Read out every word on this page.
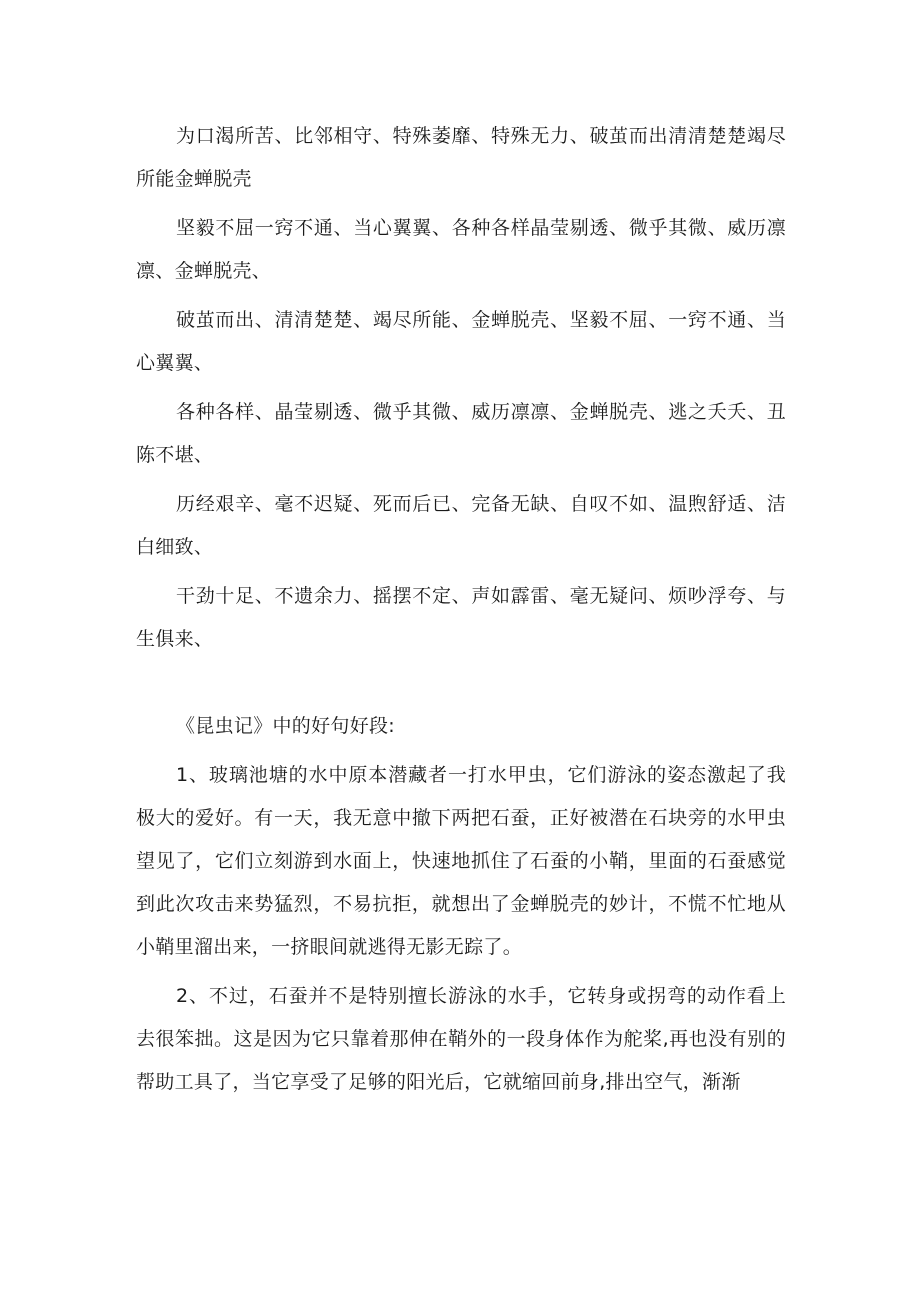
为口渴所苦、比邻相守、特殊萎靡、特殊无力、破茧而出清清楚楚竭尽所能金蝉脱壳

坚毅不屈一窍不通、当心翼翼、各种各样晶莹剔透、微乎其微、威历凛凛、金蝉脱壳、

破茧而出、清清楚楚、竭尽所能、金蝉脱壳、坚毅不屈、一窍不通、当心翼翼、

各种各样、晶莹剔透、微乎其微、威历凛凛、金蝉脱壳、逃之夭夭、丑陈不堪、

历经艰辛、毫不迟疑、死而后已、完备无缺、自叹不如、温煦舒适、洁白细致、

干劲十足、不遗余力、摇摆不定、声如霹雷、毫无疑问、烦吵浮夸、与生俱来、

《昆虫记》中的好句好段:

1、玻璃池塘的水中原本潜藏者一打水甲虫，它们游泳的姿态激起了我极大的爱好。有一天，我无意中撤下两把石蚕，正好被潜在石块旁的水甲虫望见了，它们立刻游到水面上，快速地抓住了石蚕的小鞘，里面的石蚕感觉到此次攻击来势猛烈，不易抗拒，就想出了金蝉脱壳的妙计，不慌不忙地从小鞘里溜出来，一挤眼间就逃得无影无踪了。

2、不过，石蚕并不是特别擅长游泳的水手，它转身或拐弯的动作看上去很笨拙。这是因为它只靠着那伸在鞘外的一段身体作为舵桨,再也没有别的帮助工具了，当它享受了足够的阳光后，它就缩回前身,排出空气，渐渐
